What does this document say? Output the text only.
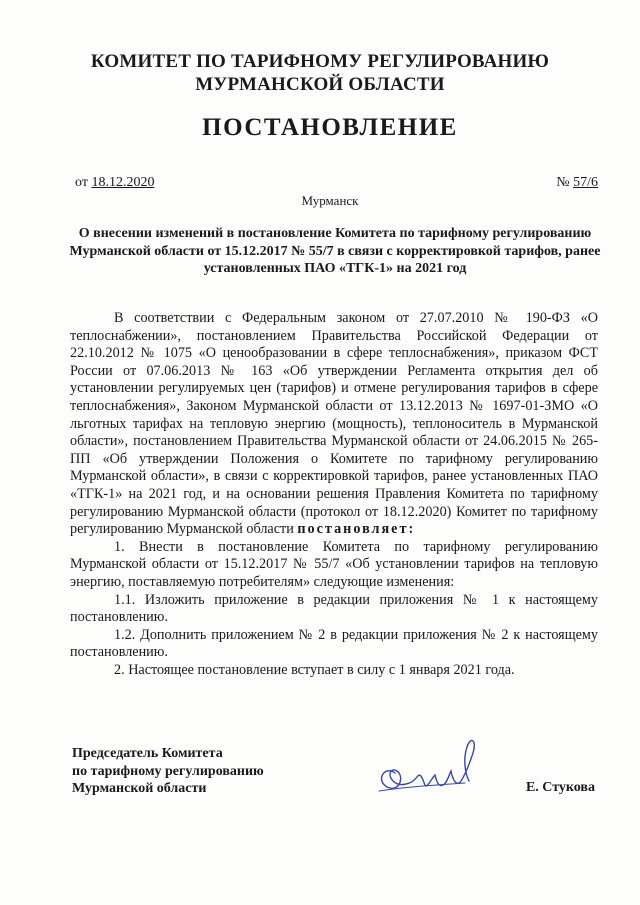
КОМИТЕТ ПО ТАРИФНОМУ РЕГУЛИРОВАНИЮ
МУРМАНСКОЙ ОБЛАСТИ
ПОСТАНОВЛЕНИЕ
от 18.12.2020	№ 57/6
Мурманск
О внесении изменений в постановление Комитета по тарифному регулированию Мурманской области от 15.12.2017 № 55/7 в связи с корректировкой тарифов, ранее установленных ПАО «ТГК-1» на 2021 год

В соответствии с Федеральным законом от 27.07.2010 № 190-ФЗ «О теплоснабжении», постановлением Правительства Российской Федерации от 22.10.2012 № 1075 «О ценообразовании в сфере теплоснабжения», приказом ФСТ России от 07.06.2013 № 163 «Об утверждении Регламента открытия дел об установлении регулируемых цен (тарифов) и отмене регулирования тарифов в сфере теплоснабжения», Законом Мурманской области от 13.12.2013 № 1697-01-ЗМО «О льготных тарифах на тепловую энергию (мощность), теплоноситель в Мурманской области», постановлением Правительства Мурманской области от 24.06.2015 № 265-ПП «Об утверждении Положения о Комитете по тарифному регулированию Мурманской области», в связи с корректировкой тарифов, ранее установленных ПАО «ТГК-1» на 2021 год, и на основании решения Правления Комитета по тарифному регулированию Мурманской области (протокол от 18.12.2020) Комитет по тарифному регулированию Мурманской области постановляет:

1. Внести в постановление Комитета по тарифному регулированию Мурманской области от 15.12.2017 № 55/7 «Об установлении тарифов на тепловую энергию, поставляемую потребителям» следующие изменения:

1.1. Изложить приложение в редакции приложения № 1 к настоящему постановлению.

1.2. Дополнить приложением № 2 в редакции приложения № 2 к настоящему постановлению.

2. Настоящее постановление вступает в силу с 1 января 2021 года.

Председатель Комитета
по тарифному регулированию
Мурманской области	Е. Стукова
